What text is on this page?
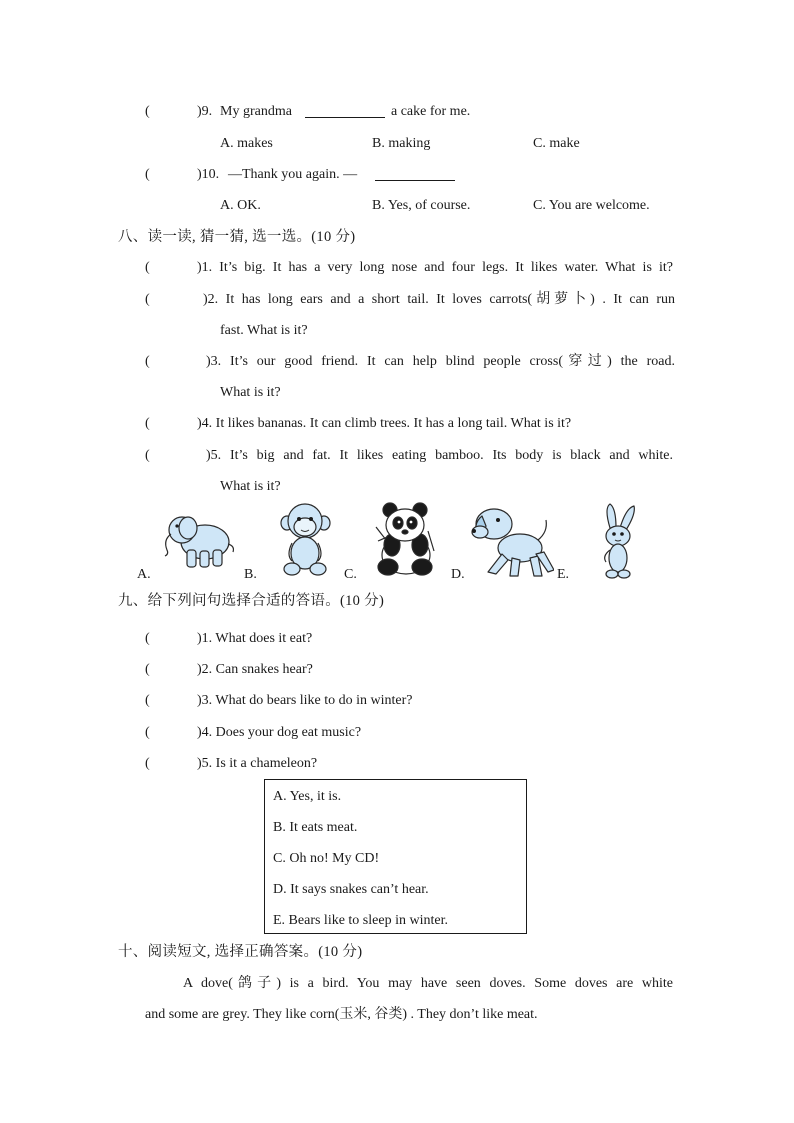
(	)9. My grandma	a cake for me.
A. makes	B. making	C. make
(	)10. —Thank you again. —
A. OK.	B. Yes, of course.	C. You are welcome.
八、读一读, 猜一猜, 选一选。(10 分)
(	)1. It’s big. It has a very long nose and four legs. It likes water. What is it?
(	)2. It has long ears and a short tail. It loves carrots(胡萝卜) . It can run
fast. What is it?
(	)3. It’s our good friend. It can help blind people cross(穿过) the road.
What is it?
(	)4. It likes bananas. It can climb trees. It has a long tail. What is it?
(	)5. It’s big and fat. It likes eating bamboo. Its body is black and white.
What is it?
A.	B.	C.	D.	E.
九、给下列问句选择合适的答语。(10 分)
(	)1. What does it eat?
(	)2. Can snakes hear?
(	)3. What do bears like to do in winter?
(	)4. Does your dog eat music?
(	)5. Is it a chameleon?
A. Yes, it is.
B. It eats meat.
C. Oh no! My CD!
D. It says snakes can’t hear.
E. Bears like to sleep in winter.
十、阅读短文, 选择正确答案。(10 分)
A dove(鸽子) is a bird. You may have seen doves. Some doves are white
and some are grey. They like corn(玉米, 谷类) . They don’t like meat.
